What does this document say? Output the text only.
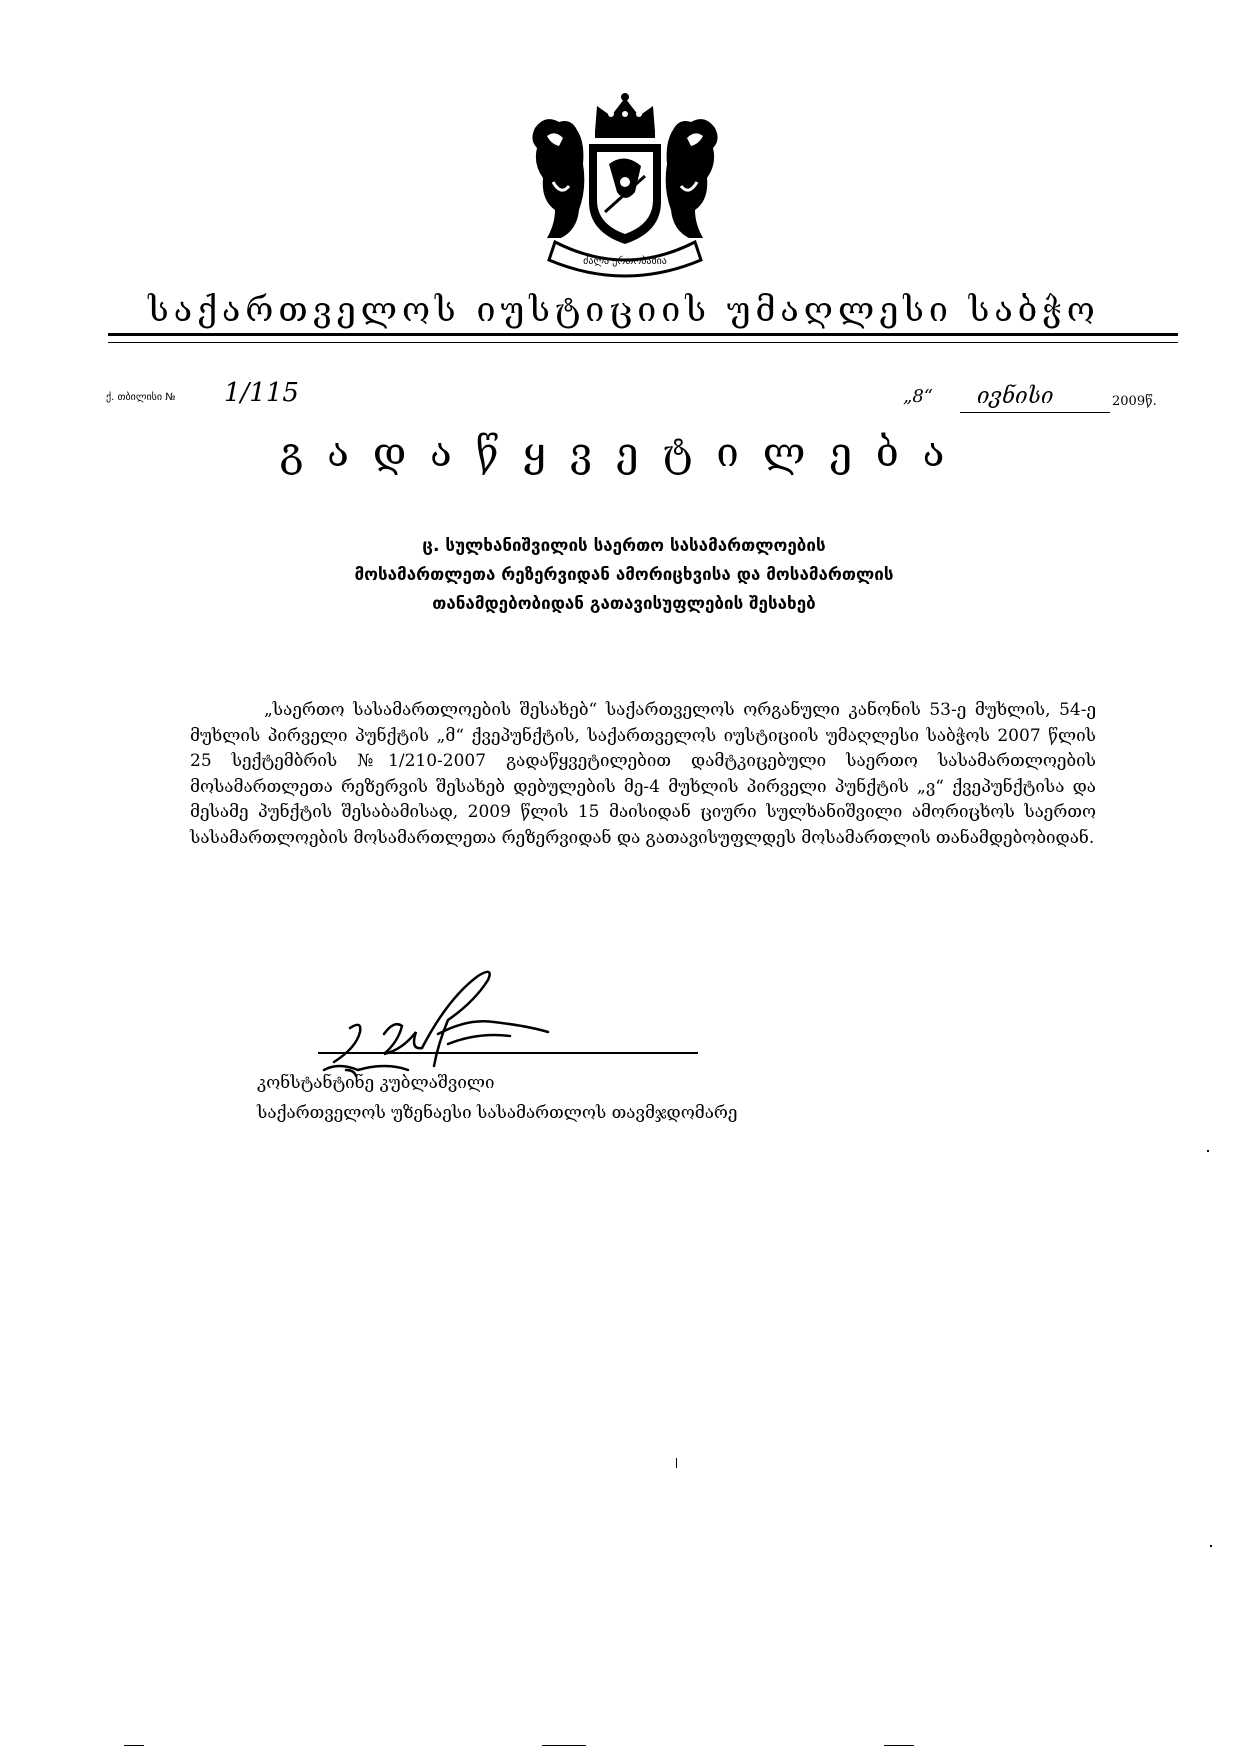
ძალა ერთობაშია
საქართველოს იუსტიციის უმაღლესი საბჭო
ქ. თბილისი № 1/115	„8“ ივნისი	2009წ.
გადაწყვეტილება
ც. სულხანიშვილის საერთო სასამართლოების
მოსამართლეთა რეზერვიდან ამორიცხვისა და მოსამართლის
თანამდებობიდან გათავისუფლების შესახებ

„საერთო სასამართლოების შესახებ“ საქართველოს ორგანული კანონის 53-ე მუხლის, 54-ე მუხლის პირველი პუნქტის „მ“ ქვეპუნქტის, საქართველოს იუსტიციის უმაღლესი საბჭოს 2007 წლის 25 სექტემბრის №1/210-2007 გადაწყვეტილებით დამტკიცებული საერთო სასამართლოების მოსამართლეთა რეზერვის შესახებ დებულების მე-4 მუხლის პირველი პუნქტის „ვ“ ქვეპუნქტისა და მესამე პუნქტის შესაბამისად, 2009 წლის 15 მაისიდან ციური სულხანიშვილი ამორიცხოს საერთო სასამართლოების მოსამართლეთა რეზერვიდან და გათავისუფლდეს მოსამართლის თანამდებობიდან.

კონსტანტინე კუბლაშვილი
საქართველოს უზენაესი სასამართლოს თავმჯდომარე
